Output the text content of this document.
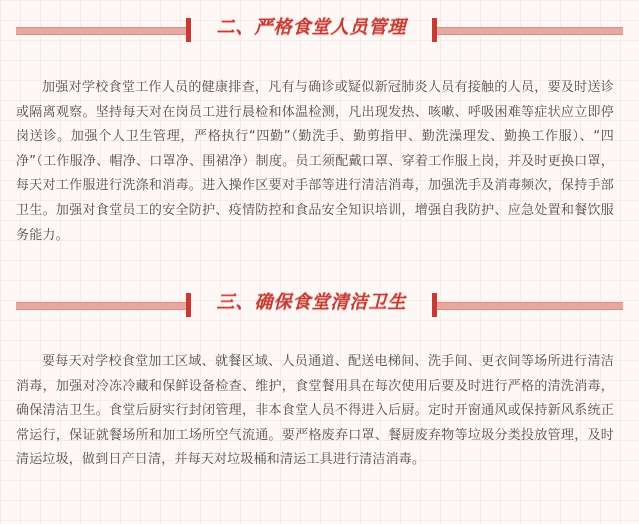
二、严格食堂人员管理

加强对学校食堂工作人员的健康排查，凡有与确诊或疑似新冠肺炎人员有接触的人员，要及时送诊或隔离观察。坚持每天对在岗员工进行晨检和体温检测，凡出现发热、咳嗽、呼吸困难等症状应立即停岗送诊。加强个人卫生管理，严格执行“四勤”（勤洗手、勤剪指甲、勤洗澡理发、勤换工作服）、“四净”（工作服净、帽净、口罩净、围裙净）制度。员工须配戴口罩、穿着工作服上岗，并及时更换口罩，每天对工作服进行洗涤和消毒。进入操作区要对手部等进行清洁消毒，加强洗手及消毒频次，保持手部卫生。加强对食堂员工的安全防护、疫情防控和食品安全知识培训，增强自我防护、应急处置和餐饮服务能力。

三、确保食堂清洁卫生

要每天对学校食堂加工区域、就餐区域、人员通道、配送电梯间、洗手间、更衣间等场所进行清洁消毒，加强对冷冻冷藏和保鲜设备检查、维护，食堂餐用具在每次使用后要及时进行严格的清洗消毒，确保清洁卫生。食堂后厨实行封闭管理，非本食堂人员不得进入后厨。定时开窗通风或保持新风系统正常运行，保证就餐场所和加工场所空气流通。要严格废弃口罩、餐厨废弃物等垃圾分类投放管理，及时清运垃圾，做到日产日清，并每天对垃圾桶和清运工具进行清洁消毒。
